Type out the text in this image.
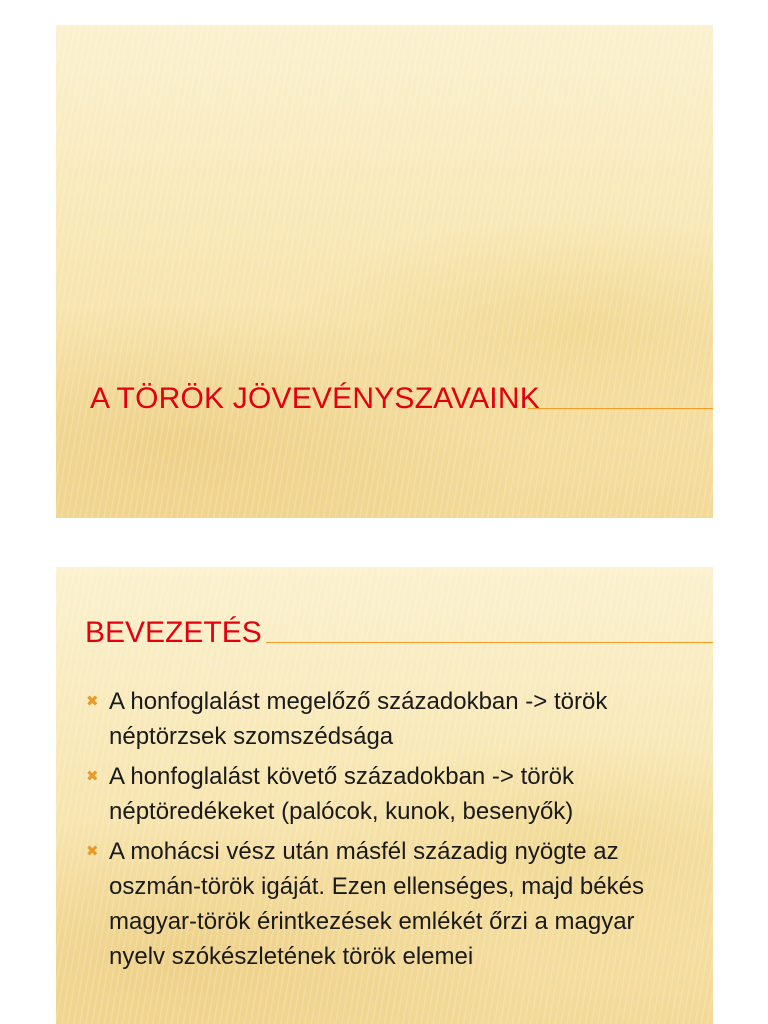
A TÖRÖK JÖVEVÉNYSZAVAINK
BEVEZETÉS
✖ A honfoglalást megelőző századokban -> török néptörzsek szomszédsága
✖ A honfoglalást követő századokban -> török néptöredékeket (palócok, kunok, besenyők)
✖ A mohácsi vész után másfél századig nyögte az oszmán-török igáját. Ezen ellenséges, majd békés magyar-török érintkezések emlékét őrzi a magyar nyelv szókészletének török elemei
